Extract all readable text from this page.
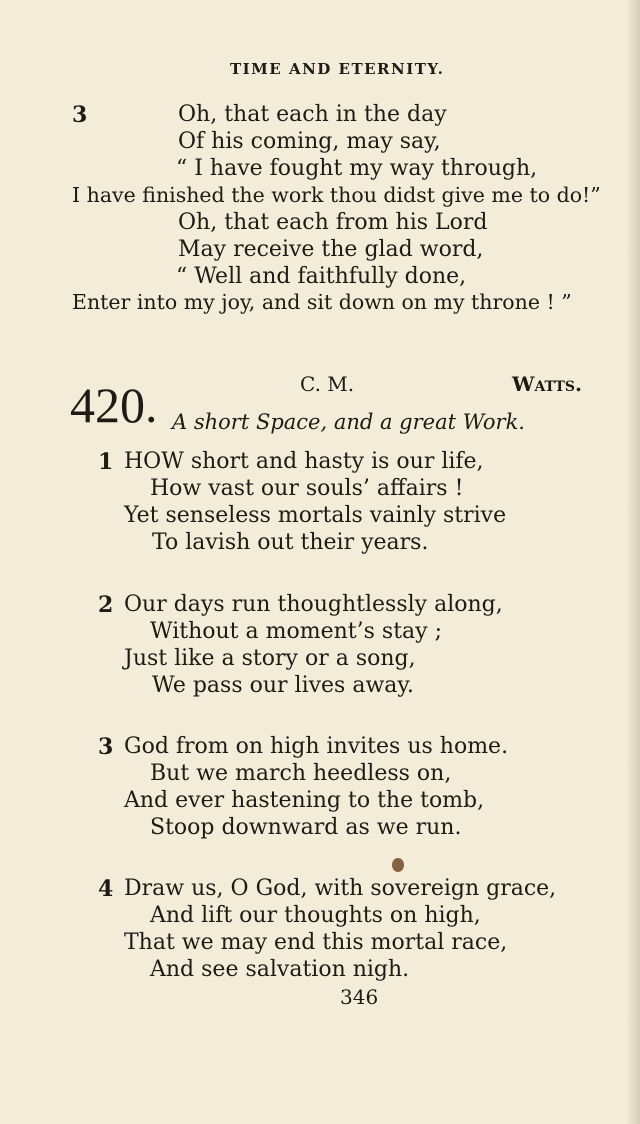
TIME AND ETERNITY.
3	Oh, that each in the day
Of his coming, may say,
“ I have fought my way through,
I have finished the work thou didst give me to do!”
Oh, that each from his Lord
May receive the glad word,
“ Well and faithfully done,
Enter into my joy, and sit down on my throne ! ”
420.	C. M.	Watts.
A short Space, and a great Work.
1 HOW short and hasty is our life,
How vast our souls’ affairs !
Yet senseless mortals vainly strive
To lavish out their years.
2 Our days run thoughtlessly along,
Without a moment’s stay ;
Just like a story or a song,
We pass our lives away.
3 God from on high invites us home.
But we march heedless on,
And ever hastening to the tomb,
Stoop downward as we run.
4 Draw us, O God, with sovereign grace,
And lift our thoughts on high,
That we may end this mortal race,
And see salvation nigh.
346
